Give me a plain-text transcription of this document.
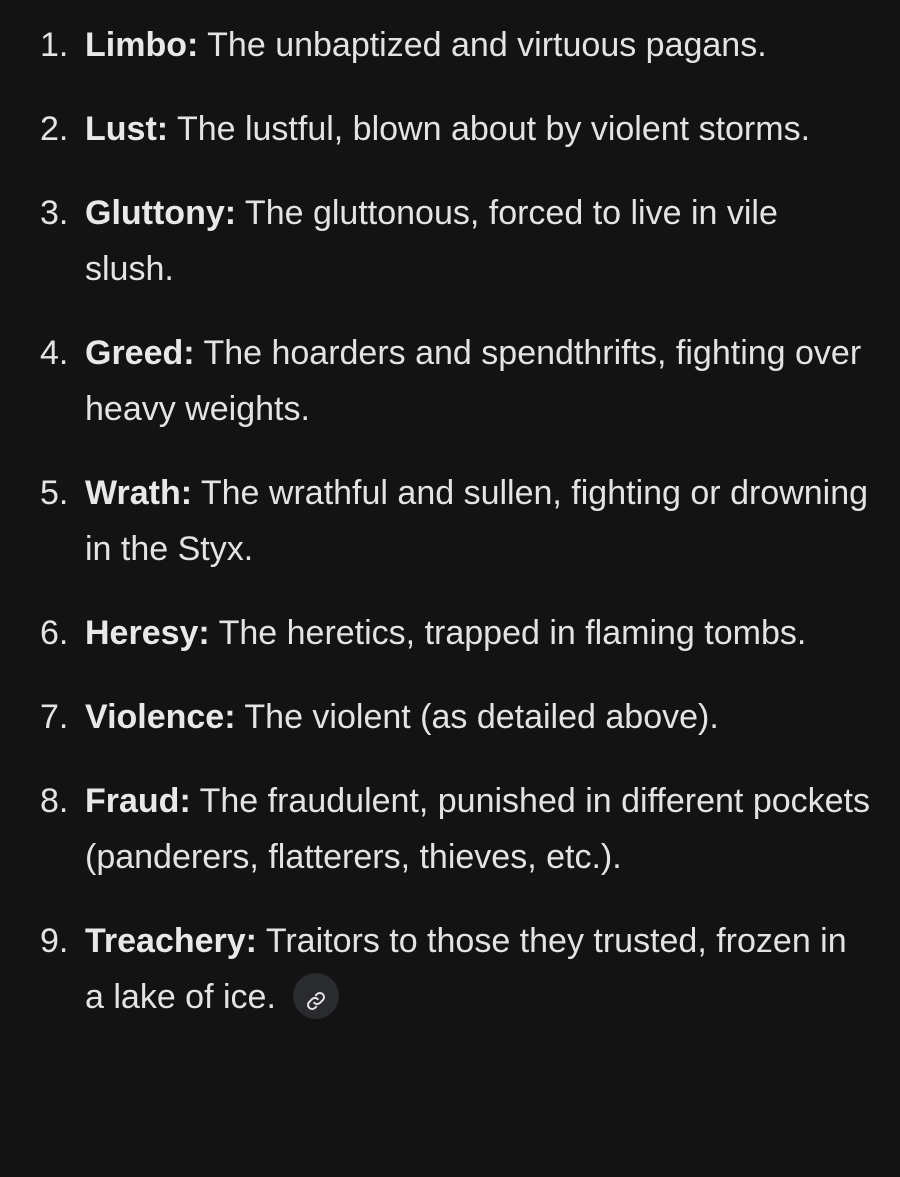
1. Limbo: The unbaptized and virtuous pagans.
2. Lust: The lustful, blown about by violent storms.
3. Gluttony: The gluttonous, forced to live in vile slush.
4. Greed: The hoarders and spendthrifts, fighting over heavy weights.
5. Wrath: The wrathful and sullen, fighting or drowning in the Styx.
6. Heresy: The heretics, trapped in flaming tombs.
7. Violence: The violent (as detailed above).
8. Fraud: The fraudulent, punished in different pockets (panderers, flatterers, thieves, etc.).
9. Treachery: Traitors to those they trusted, frozen in a lake of ice.
